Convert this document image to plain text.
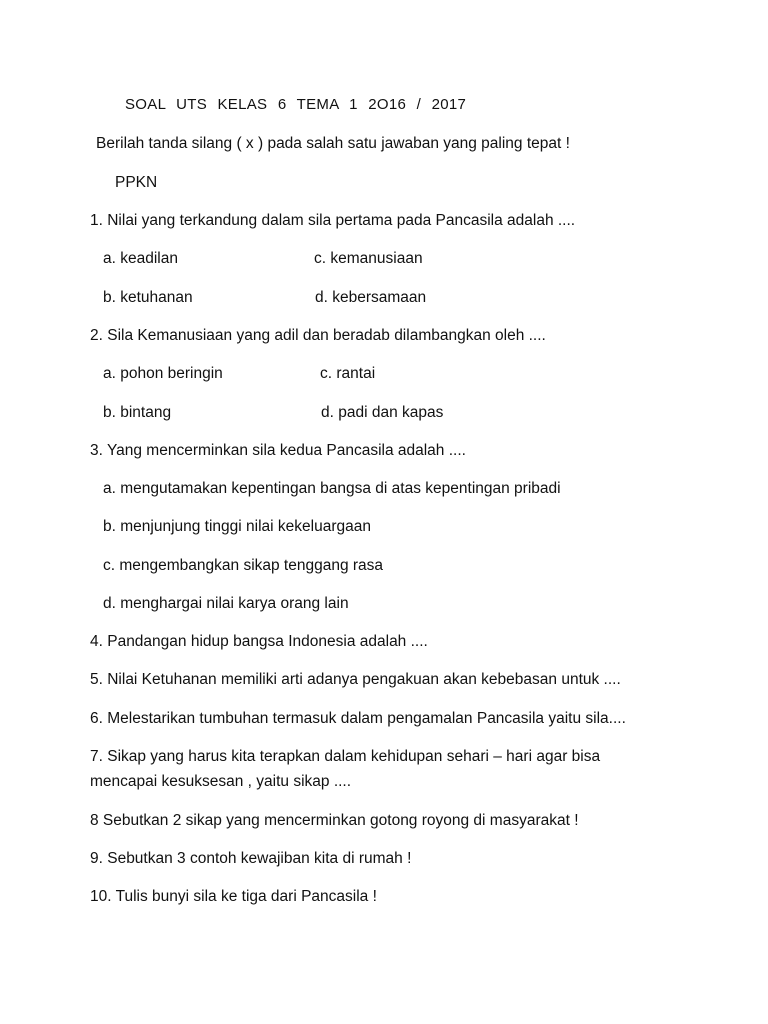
SOAL UTS KELAS 6 TEMA 1 2O16 / 2017
Berilah tanda silang ( x ) pada salah satu jawaban yang paling tepat !
PPKN
1. Nilai yang terkandung dalam sila pertama pada Pancasila adalah ....
a. keadilan	c. kemanusiaan
b. ketuhanan	d. kebersamaan
2. Sila Kemanusiaan yang adil dan beradab dilambangkan oleh ....
a. pohon beringin	c. rantai
b. bintang	d. padi dan kapas
3. Yang mencerminkan sila kedua Pancasila adalah ....
a. mengutamakan kepentingan bangsa di atas kepentingan pribadi
b. menjunjung tinggi nilai kekeluargaan
c. mengembangkan sikap tenggang rasa
d. menghargai nilai karya orang lain
4. Pandangan hidup bangsa Indonesia adalah ....
5. Nilai Ketuhanan memiliki arti adanya pengakuan akan kebebasan untuk ....
6. Melestarikan tumbuhan termasuk dalam pengamalan Pancasila yaitu sila....
7. Sikap yang harus kita terapkan dalam kehidupan sehari – hari agar bisa
mencapai kesuksesan , yaitu sikap ....
8 Sebutkan 2 sikap yang mencerminkan gotong royong di masyarakat !
9. Sebutkan 3 contoh kewajiban kita di rumah !
10. Tulis bunyi sila ke tiga dari Pancasila !
